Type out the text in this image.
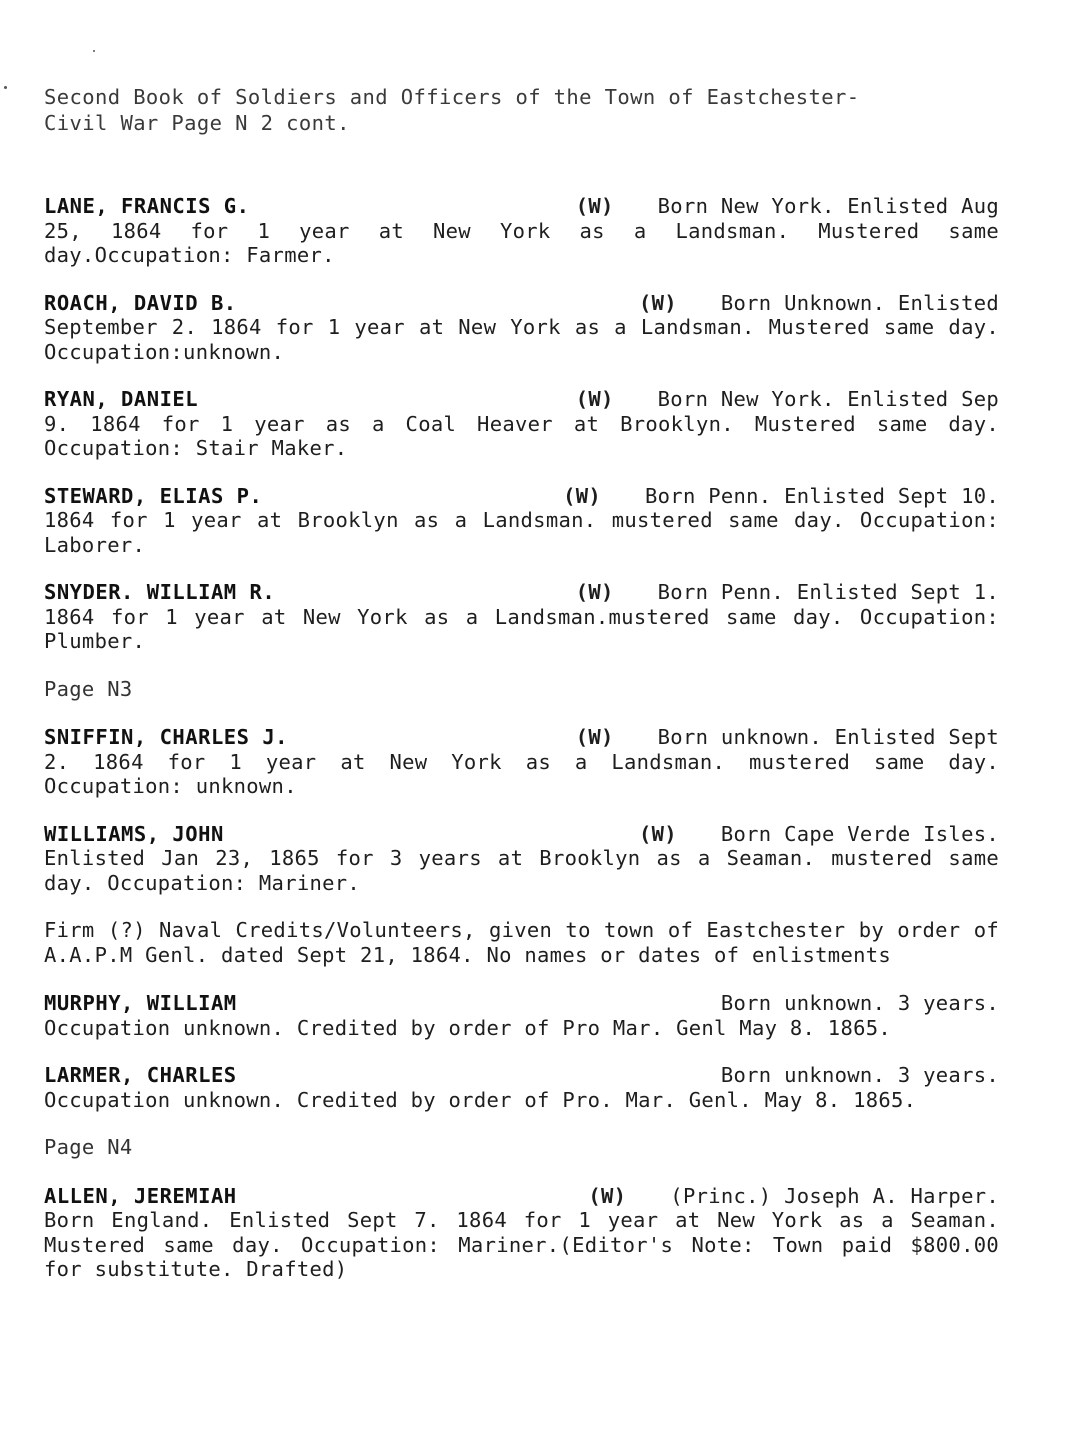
Second Book of Soldiers and Officers of the Town of Eastchester-
Civil War Page N 2 cont.
LANE, FRANCIS G.	(W) Born New York. Enlisted Aug
25, 1864 for 1 year at New York as a Landsman. Mustered same day.Occupation: Farmer.
ROACH, DAVID B.	(W) Born Unknown. Enlisted
September 2. 1864 for 1 year at New York as a Landsman. Mustered same day. Occupation:unknown.
RYAN, DANIEL	(W) Born New York. Enlisted Sep
9. 1864 for 1 year as a Coal Heaver at Brooklyn. Mustered same day. Occupation: Stair Maker.
STEWARD, ELIAS P.	(W) Born Penn. Enlisted Sept 10.
1864 for 1 year at Brooklyn as a Landsman. mustered same day. Occupation: Laborer.
SNYDER. WILLIAM R.	(W) Born Penn. Enlisted Sept 1.
1864 for 1 year at New York as a Landsman.mustered same day. Occupation: Plumber.
Page N3
SNIFFIN, CHARLES J.	(W) Born unknown. Enlisted Sept
2. 1864 for 1 year at New York as a Landsman. mustered same day. Occupation: unknown.
WILLIAMS, JOHN	(W) Born Cape Verde Isles.
Enlisted Jan 23, 1865 for 3 years at Brooklyn as a Seaman. mustered same day. Occupation: Mariner.
Firm (?) Naval Credits/Volunteers, given to town of Eastchester by order of A.A.P.M Genl. dated Sept 21, 1864. No names or dates of enlistments
MURPHY, WILLIAM	Born unknown. 3 years.
Occupation unknown. Credited by order of Pro Mar. Genl May 8. 1865.
LARMER, CHARLES	Born unknown. 3 years.
Occupation unknown. Credited by order of Pro. Mar. Genl. May 8. 1865.
Page N4
ALLEN, JEREMIAH	(W) (Princ.) Joseph A. Harper.
Born England. Enlisted Sept 7. 1864 for 1 year at New York as a Seaman. Mustered same day. Occupation: Mariner.(Editor's Note: Town paid $800.00 for substitute. Drafted)
